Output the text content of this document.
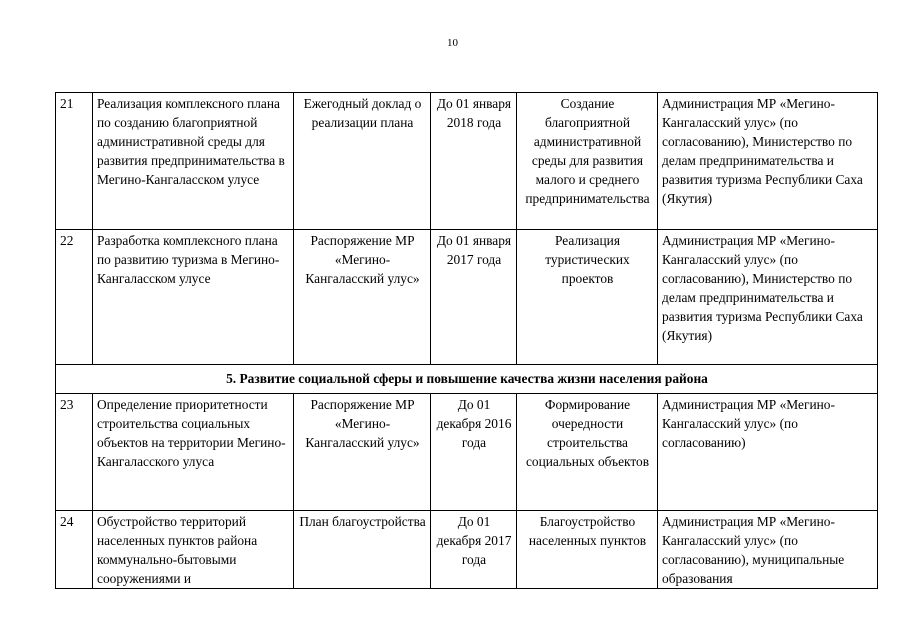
10
21	Реализация комплексного плана по созданию благоприятной административной среды для развития предпринимательства в Мегино-Кангаласском улусе	Ежегодный доклад о реализации плана	До 01 января 2018 года	Создание благоприятной административной среды для развития малого и среднего предпринимательства	Администрация МР «Мегино-Кангаласский улус» (по согласованию), Министерство по делам предпринимательства и развития туризма Республики Саха (Якутия)
22	Разработка комплексного плана по развитию туризма в Мегино-Кангаласском улусе	Распоряжение МР «Мегино-Кангаласский улус»	До 01 января 2017 года	Реализация туристических проектов	Администрация МР «Мегино-Кангаласский улус» (по согласованию), Министерство по делам предпринимательства и развития туризма Республики Саха (Якутия)
5. Развитие социальной сферы и повышение качества жизни населения района					
23	Определение приоритетности строительства социальных объектов на территории Мегино-Кангаласского улуса	Распоряжение МР «Мегино-Кангаласский улус»	До 01 декабря 2016 года	Формирование очередности строительства социальных объектов	Администрация МР «Мегино-Кангаласский улус» (по согласованию)
24	Обустройство территорий населенных пунктов района коммунально-бытовыми сооружениями и	План благоустройства	До 01 декабря 2017 года	Благоустройство населенных пунктов	Администрация МР «Мегино-Кангаласский улус» (по согласованию), муниципальные образования
